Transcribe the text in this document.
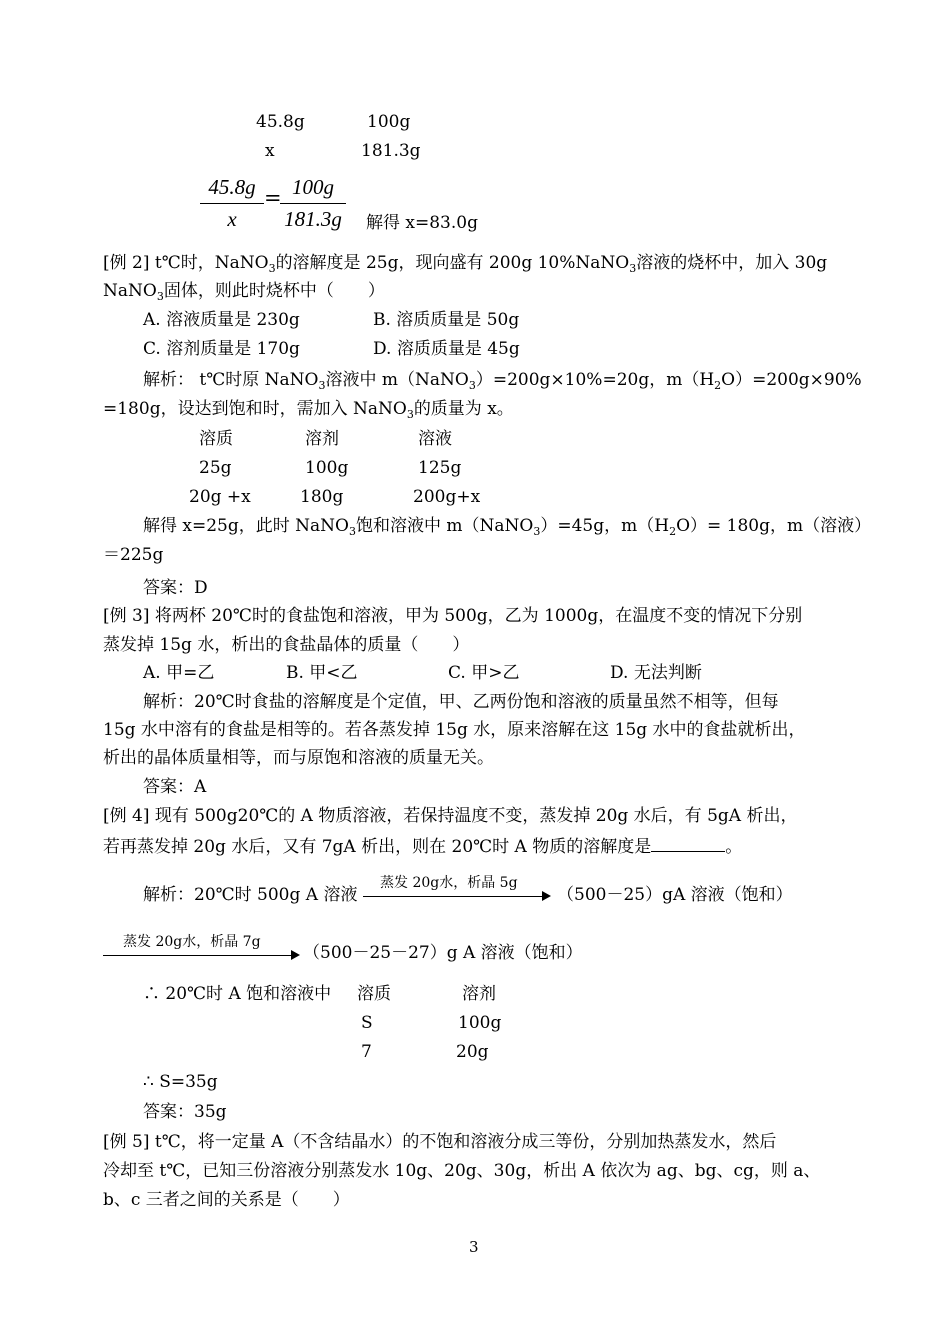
45.8g	100g
x	181.3g
$\frac{45.8g}{x}$ =
$\frac{100g}{181.3g}$ 解得 x=83.0g
[例 2] t℃时，NaNO$_3$的溶解度是 25g，现向盛有 200g 10%NaNO$_3$溶液的烧杯中，加入 30g
NaNO$_3$固体，则此时烧杯中（　　）
A. 溶液质量是 230g	B. 溶质质量是 50g
C. 溶剂质量是 170g	D. 溶质质量是 45g
解析： t℃时原 NaNO$_3$溶液中 m（NaNO$_3$）=200g×10%=20g，$m(H_2O)=200g\times 90\%$
=180g，设达到饱和时，需加入 NaNO$_3$的质量为 x。
溶质	溶剂	溶液
25g	100g	125g
20g +x	180g	200g+x
解得 x=25g，此时 NaNO$_3$饱和溶液中 m（NaNO$_3$）=45g，$m(H_2O)= 180g$，m（溶液）
＝225g
答案：D
[例 3] 将两杯 20℃时的食盐饱和溶液，甲为 500g，乙为 1000g，在温度不变的情况下分别
蒸发掉 15g 水，析出的食盐晶体的质量（　　）
A. 甲=乙	B. 甲<乙	C. 甲>乙	D. 无法判断
解析：20℃时食盐的溶解度是个定值，甲、乙两份饱和溶液的质量虽然不相等，但每
15g 水中溶有的食盐是相等的。若各蒸发掉 15g 水，原来溶解在这 15g 水中的食盐就析出，
析出的晶体质量相等，而与原饱和溶液的质量无关。
答案：A
[例 4] 现有 500g20℃的 A 物质溶液，若保持温度不变，蒸发掉 20g 水后，有 5gA 析出，
若再蒸发掉 20g 水后，又有 7gA 析出，则在 20℃时 A 物质的溶解度是	。
解析：20℃时 500g A 溶液
蒸发 20g水，析晶 5g
（500－25）gA 溶液（饱和）
蒸发 20g水，析晶 7g
（500－25－27）g A 溶液（饱和）
∴ 20℃时 A 饱和溶液中 溶质	溶剂
S	100g
7	20g
∴ S=35g
答案：35g
[例 5] t℃，将一定量 A（不含结晶水）的不饱和溶液分成三等份，分别加热蒸发水，然后
冷却至 t℃，已知三份溶液分别蒸发水 10g、20g、30g，析出 A 依次为 ag、bg、cg，则 a、
b、c 三者之间的关系是（　　）
3
